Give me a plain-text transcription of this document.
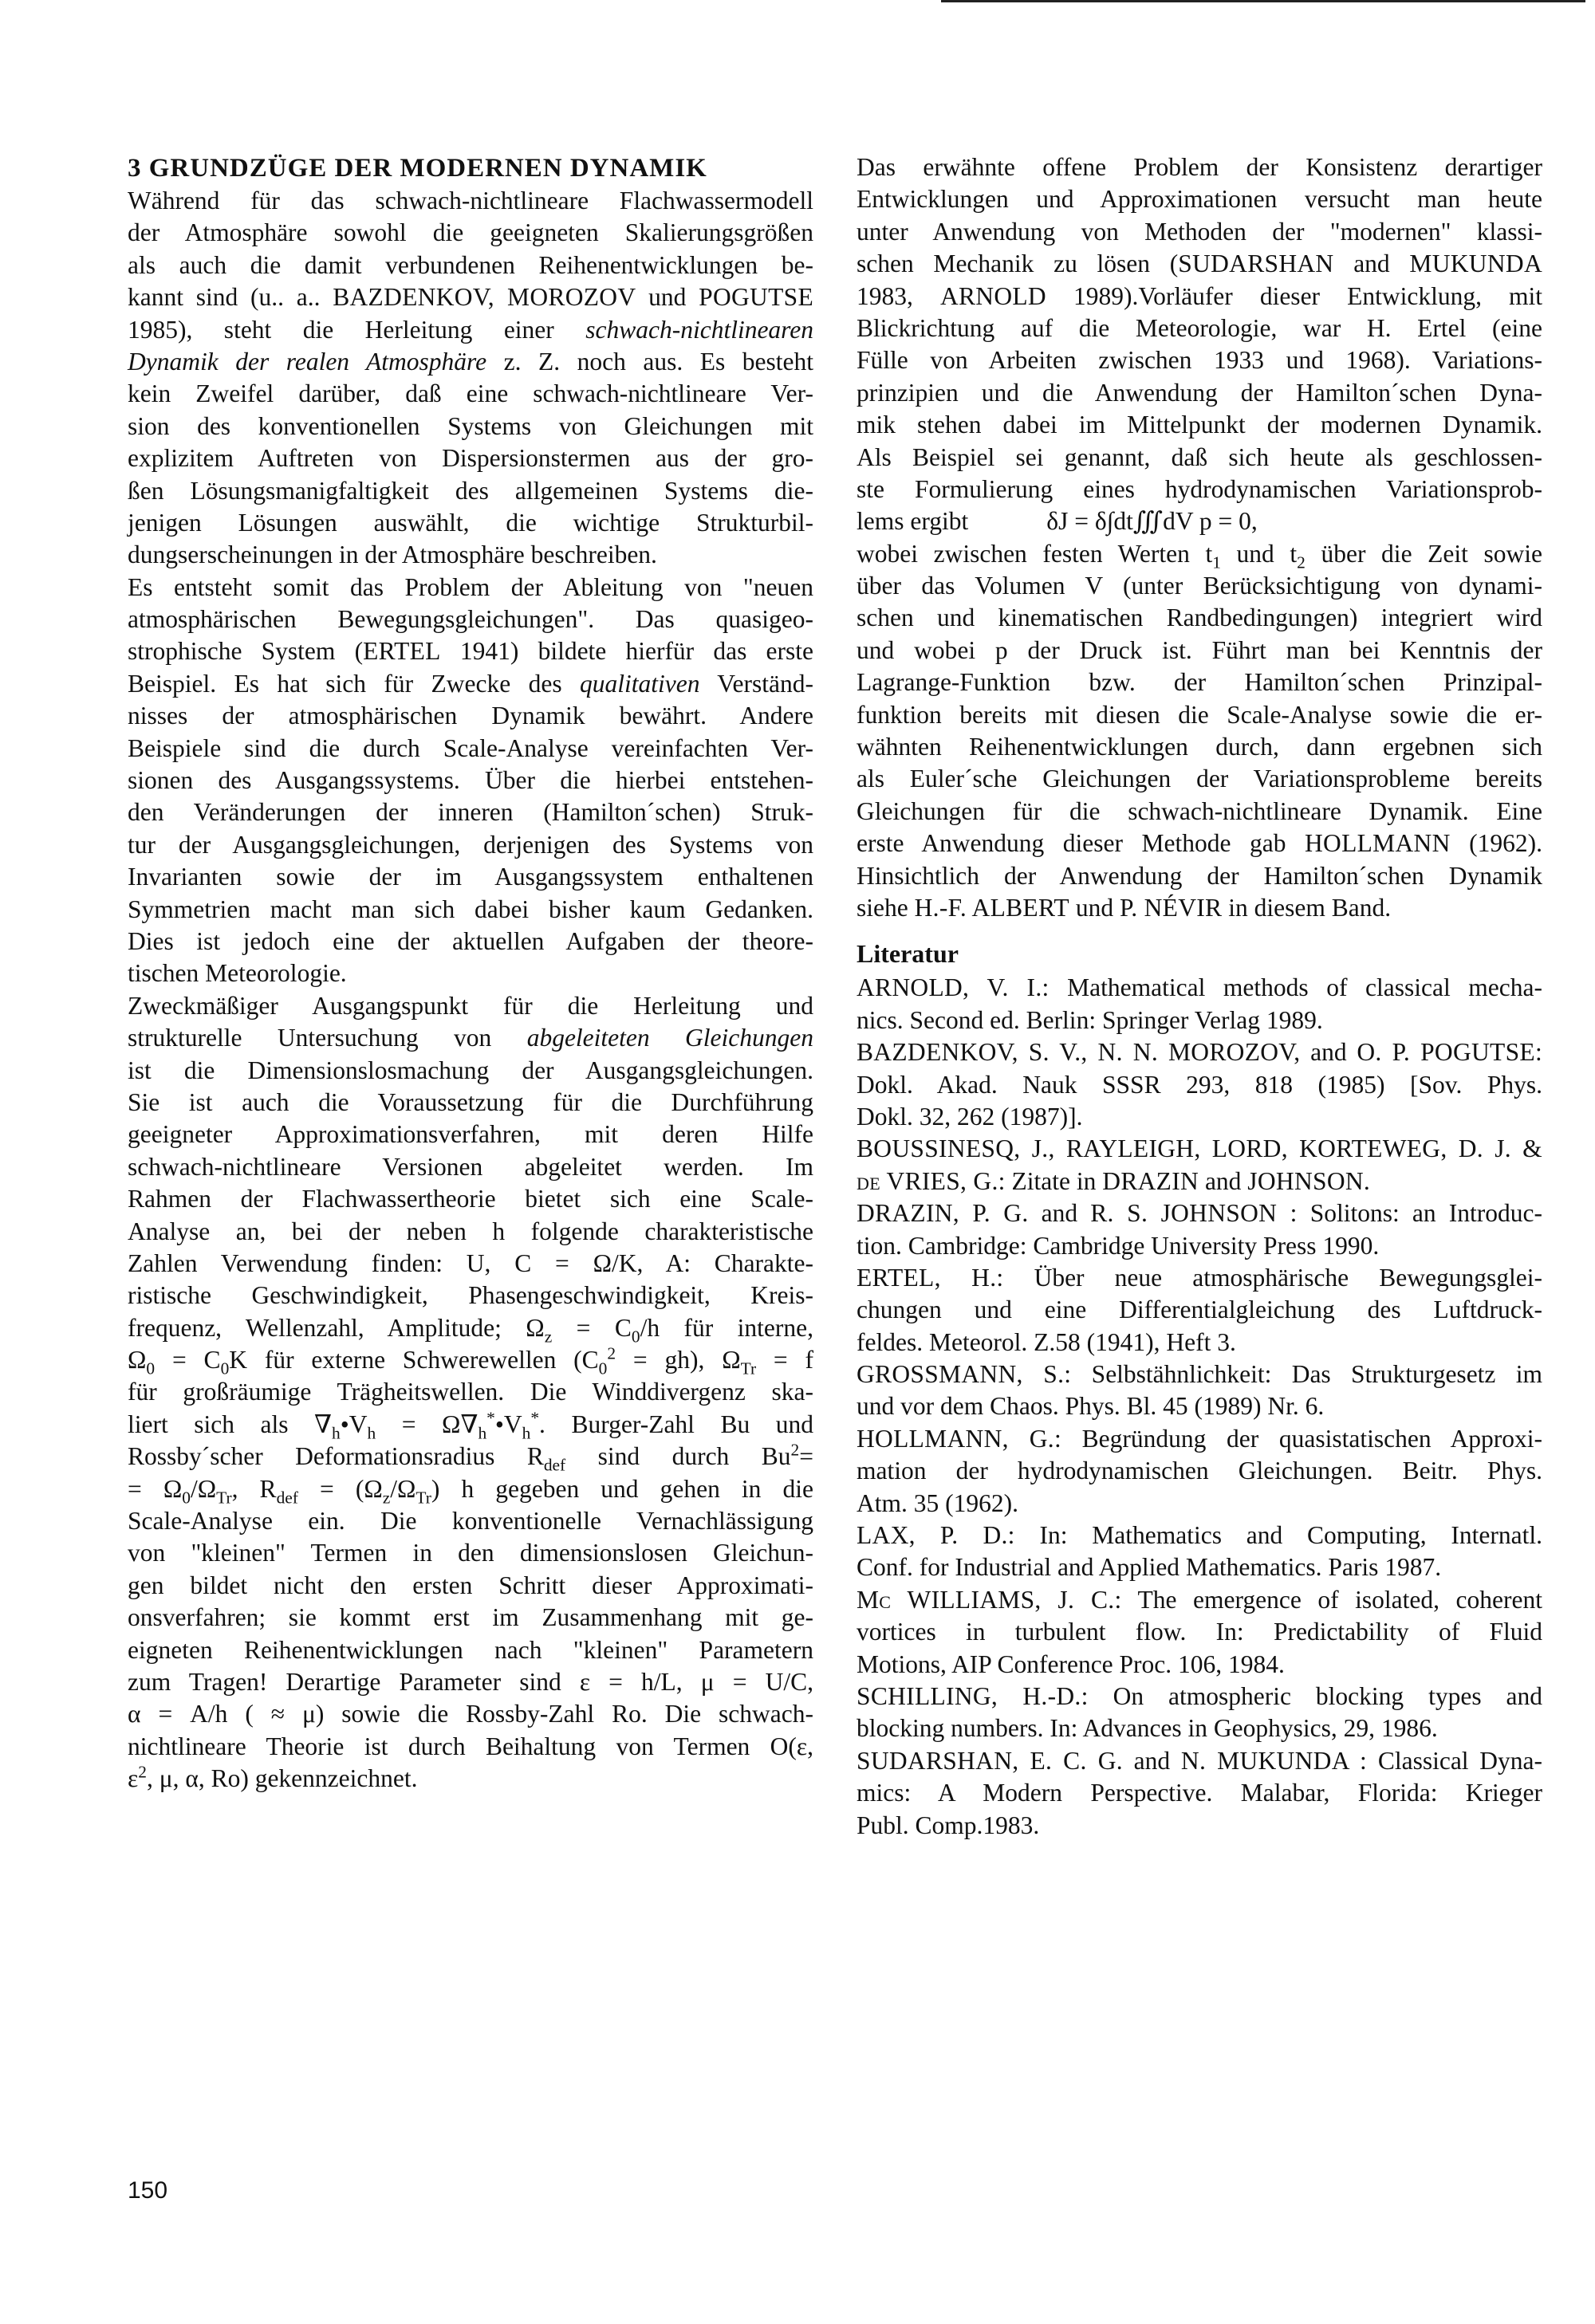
3 GRUNDZÜGE DER MODERNEN DYNAMIK
Während für das schwach-nichtlineare Flachwassermodell
der Atmosphäre sowohl die geeigneten Skalierungsgrößen
als auch die damit verbundenen Reihenentwicklungen be-
kannt sind (u.. a.. BAZDENKOV, MOROZOV und POGUTSE
1985), steht die Herleitung einer schwach-nichtlinearen
Dynamik der realen Atmosphäre z. Z. noch aus. Es besteht
kein Zweifel darüber, daß eine schwach-nichtlineare Ver-
sion des konventionellen Systems von Gleichungen mit
explizitem Auftreten von Dispersionstermen aus der gro-
ßen Lösungsmanigfaltigkeit des allgemeinen Systems die-
jenigen Lösungen auswählt, die wichtige Strukturbil-
dungserscheinungen in der Atmosphäre beschreiben.
Es entsteht somit das Problem der Ableitung von "neuen
atmosphärischen Bewegungsgleichungen". Das quasigeo-
strophische System (ERTEL 1941) bildete hierfür das erste
Beispiel. Es hat sich für Zwecke des qualitativen Verständ-
nisses der atmosphärischen Dynamik bewährt. Andere
Beispiele sind die durch Scale-Analyse vereinfachten Ver-
sionen des Ausgangssystems. Über die hierbei entstehen-
den Veränderungen der inneren (Hamilton´schen) Struk-
tur der Ausgangsgleichungen, derjenigen des Systems von
Invarianten sowie der im Ausgangssystem enthaltenen
Symmetrien macht man sich dabei bisher kaum Gedanken.
Dies ist jedoch eine der aktuellen Aufgaben der theore-
tischen Meteorologie.
Zweckmäßiger Ausgangspunkt für die Herleitung und
strukturelle Untersuchung von abgeleiteten Gleichungen
ist die Dimensionslosmachung der Ausgangsgleichungen.
Sie ist auch die Voraussetzung für die Durchführung
geeigneter Approximationsverfahren, mit deren Hilfe
schwach-nichtlineare Versionen abgeleitet werden. Im
Rahmen der Flachwassertheorie bietet sich eine Scale-
Analyse an, bei der neben h folgende charakteristische
Zahlen Verwendung finden: U, C = Ω/K, A: Charakte-
ristische Geschwindigkeit, Phasengeschwindigkeit, Kreis-
frequenz, Wellenzahl, Amplitude; $\Omega_z = C_0/h$ für interne,
$\Omega_0 = C_0K$ für externe Schwerewellen $(C_0^2 = gh)$, $\Omega_{Tr} = f$
für großräumige Trägheitswellen. Die Winddivergenz ska-
liert sich als $\nabla_h•V_h$ = $\Omega\nabla_h^*•V_h^*$. Burger-Zahl Bu und
Rossby´scher Deformationsradius $R_{def}$ sind durch $Bu^2=$
= $\Omega_0/\Omega_{Tr}$, $R_{def} = (\Omega_z/\Omega_{Tr})$ h gegeben und gehen in die
Scale-Analyse ein. Die konventionelle Vernachlässigung
von "kleinen" Termen in den dimensionslosen Gleichun-
gen bildet nicht den ersten Schritt dieser Approximati-
onsverfahren; sie kommt erst im Zusammenhang mit ge-
eigneten Reihenentwicklungen nach "kleinen" Parametern
zum Tragen! Derartige Parameter sind ε = h/L, μ = U/C,
α = A/h ( ≈ μ) sowie die Rossby-Zahl Ro. Die schwach-
nichtlineare Theorie ist durch Beihaltung von Termen O(ε,
$\varepsilon^2$, μ, α, Ro) gekennzeichnet.
Das erwähnte offene Problem der Konsistenz derartiger
Entwicklungen und Approximationen versucht man heute
unter Anwendung von Methoden der "modernen" klassi-
schen Mechanik zu lösen (SUDARSHAN and MUKUNDA
1983, ARNOLD 1989).Vorläufer dieser Entwicklung, mit
Blickrichtung auf die Meteorologie, war H. Ertel (eine
Fülle von Arbeiten zwischen 1933 und 1968). Variations-
prinzipien und die Anwendung der Hamilton´schen Dyna-
mik stehen dabei im Mittelpunkt der modernen Dynamik.
Als Beispiel sei genannt, daß sich heute als geschlossen-
ste Formulierung eines hydrodynamischen Variationsprob-
lems ergibt	δJ = δ∫dt∭dV p = 0,
wobei zwischen festen Werten $t_1$ und $t_2$ über die Zeit sowie
über das Volumen V (unter Berücksichtigung von dynami-
schen und kinematischen Randbedingungen) integriert wird
und wobei p der Druck ist. Führt man bei Kenntnis der
Lagrange-Funktion bzw. der Hamilton´schen Prinzipal-
funktion bereits mit diesen die Scale-Analyse sowie die er-
wähnten Reihenentwicklungen durch, dann ergebnen sich
als Euler´sche Gleichungen der Variationsprobleme bereits
Gleichungen für die schwach-nichtlineare Dynamik. Eine
erste Anwendung dieser Methode gab HOLLMANN (1962).
Hinsichtlich der Anwendung der Hamilton´schen Dynamik
siehe H.-F. ALBERT und P. NÉVIR in diesem Band.
Literatur
ARNOLD, V. I.: Mathematical methods of classical mecha-
nics. Second ed. Berlin: Springer Verlag 1989.
BAZDENKOV, S. V., N. N. MOROZOV, and O. P. POGUTSE:
Dokl. Akad. Nauk SSSR 293, 818 (1985) [Sov. Phys.
Dokl. 32, 262 (1987)].
BOUSSINESQ, J., RAYLEIGH, LORD, KORTEWEG, D. J. &
de VRIES, G.: Zitate in DRAZIN and JOHNSON.
DRAZIN, P. G. and R. S. JOHNSON : Solitons: an Introduc-
tion. Cambridge: Cambridge University Press 1990.
ERTEL, H.: Über neue atmosphärische Bewegungsglei-
chungen und eine Differentialgleichung des Luftdruck-
feldes. Meteorol. Z.58 (1941), Heft 3.
GROSSMANN, S.: Selbstähnlichkeit: Das Strukturgesetz im
und vor dem Chaos. Phys. Bl. 45 (1989) Nr. 6.
HOLLMANN, G.: Begründung der quasistatischen Approxi-
mation der hydrodynamischen Gleichungen. Beitr. Phys.
Atm. 35 (1962).
LAX, P. D.: In: Mathematics and Computing, Internatl.
Conf. for Industrial and Applied Mathematics. Paris 1987.
Mc WILLIAMS, J. C.: The emergence of isolated, coherent
vortices in turbulent flow. In: Predictability of Fluid
Motions, AIP Conference Proc. 106, 1984.
SCHILLING, H.-D.: On atmospheric blocking types and
blocking numbers. In: Advances in Geophysics, 29, 1986.
SUDARSHAN, E. C. G. and N. MUKUNDA : Classical Dyna-
mics: A Modern Perspective. Malabar, Florida: Krieger
Publ. Comp.1983.
150
